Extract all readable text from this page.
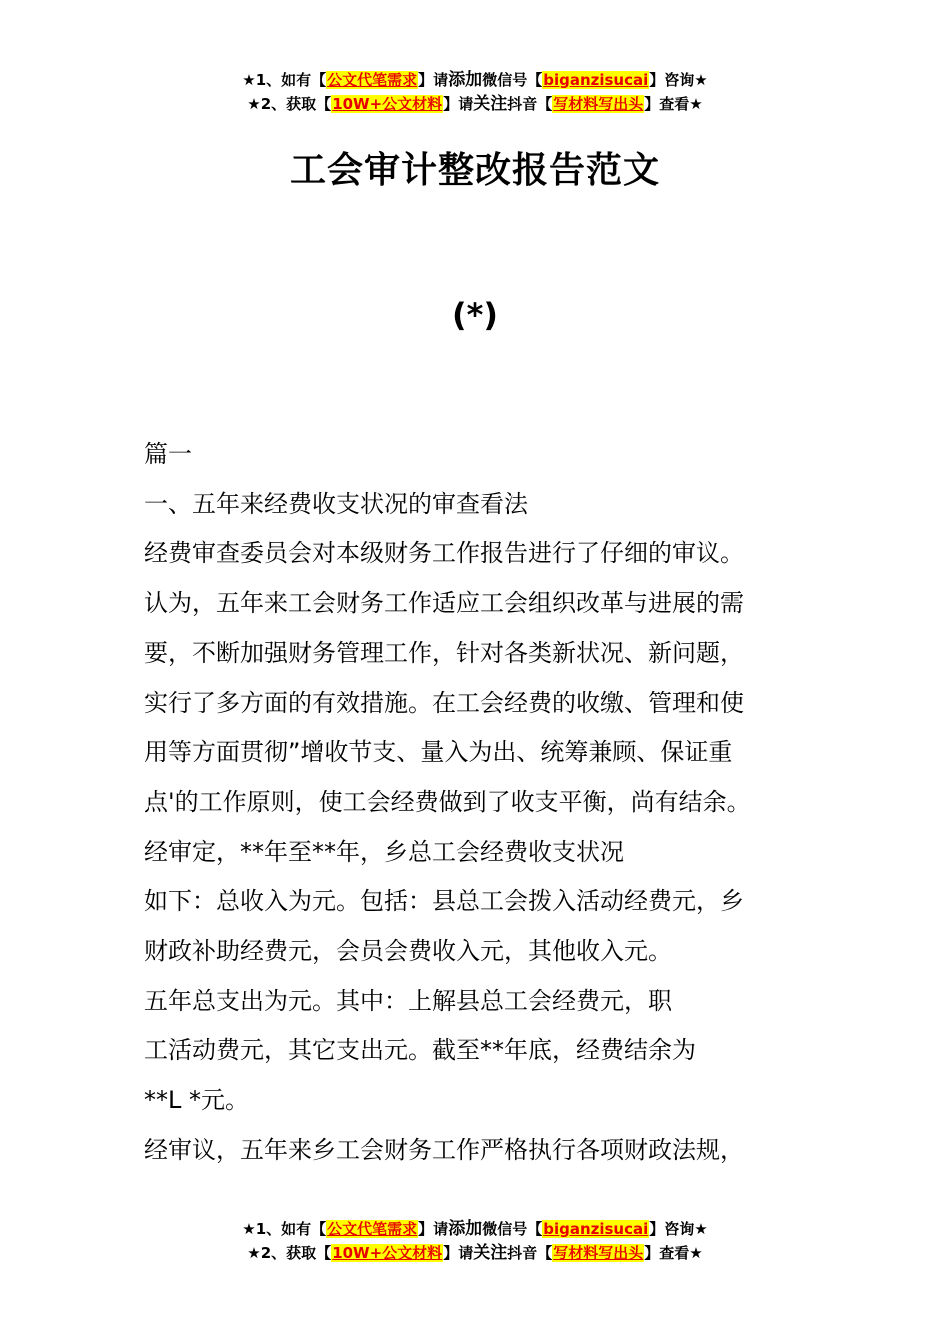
★1、如有【公文代笔需求】请添加微信号【biganzisucai】咨询★
★2、获取【10W+公文材料】请关注抖音【写材料写出头】查看★
工会审计整改报告范文
(*)

篇一

一、五年来经费收支状况的审查看法

经费审查委员会对本级财务工作报告进行了仔细的审议。

认为，五年来工会财务工作适应工会组织改革与进展的需

要，不断加强财务管理工作，针对各类新状况、新问题，

实行了多方面的有效措施。在工会经费的收缴、管理和使

用等方面贯彻”增收节支、量入为出、统筹兼顾、保证重

点'的工作原则，使工会经费做到了收支平衡，尚有结余。

经审定，**年至**年，乡总工会经费收支状况

如下：总收入为元。包括：县总工会拨入活动经费元，乡

财政补助经费元，会员会费收入元，其他收入元。

五年总支出为元。其中：上解县总工会经费元，职

工活动费元，其它支出元。截至**年底，经费结余为

**L *元。

经审议，五年来乡工会财务工作严格执行各项财政法规，

★1、如有【公文代笔需求】请添加微信号【biganzisucai】咨询★
★2、获取【10W+公文材料】请关注抖音【写材料写出头】查看★
